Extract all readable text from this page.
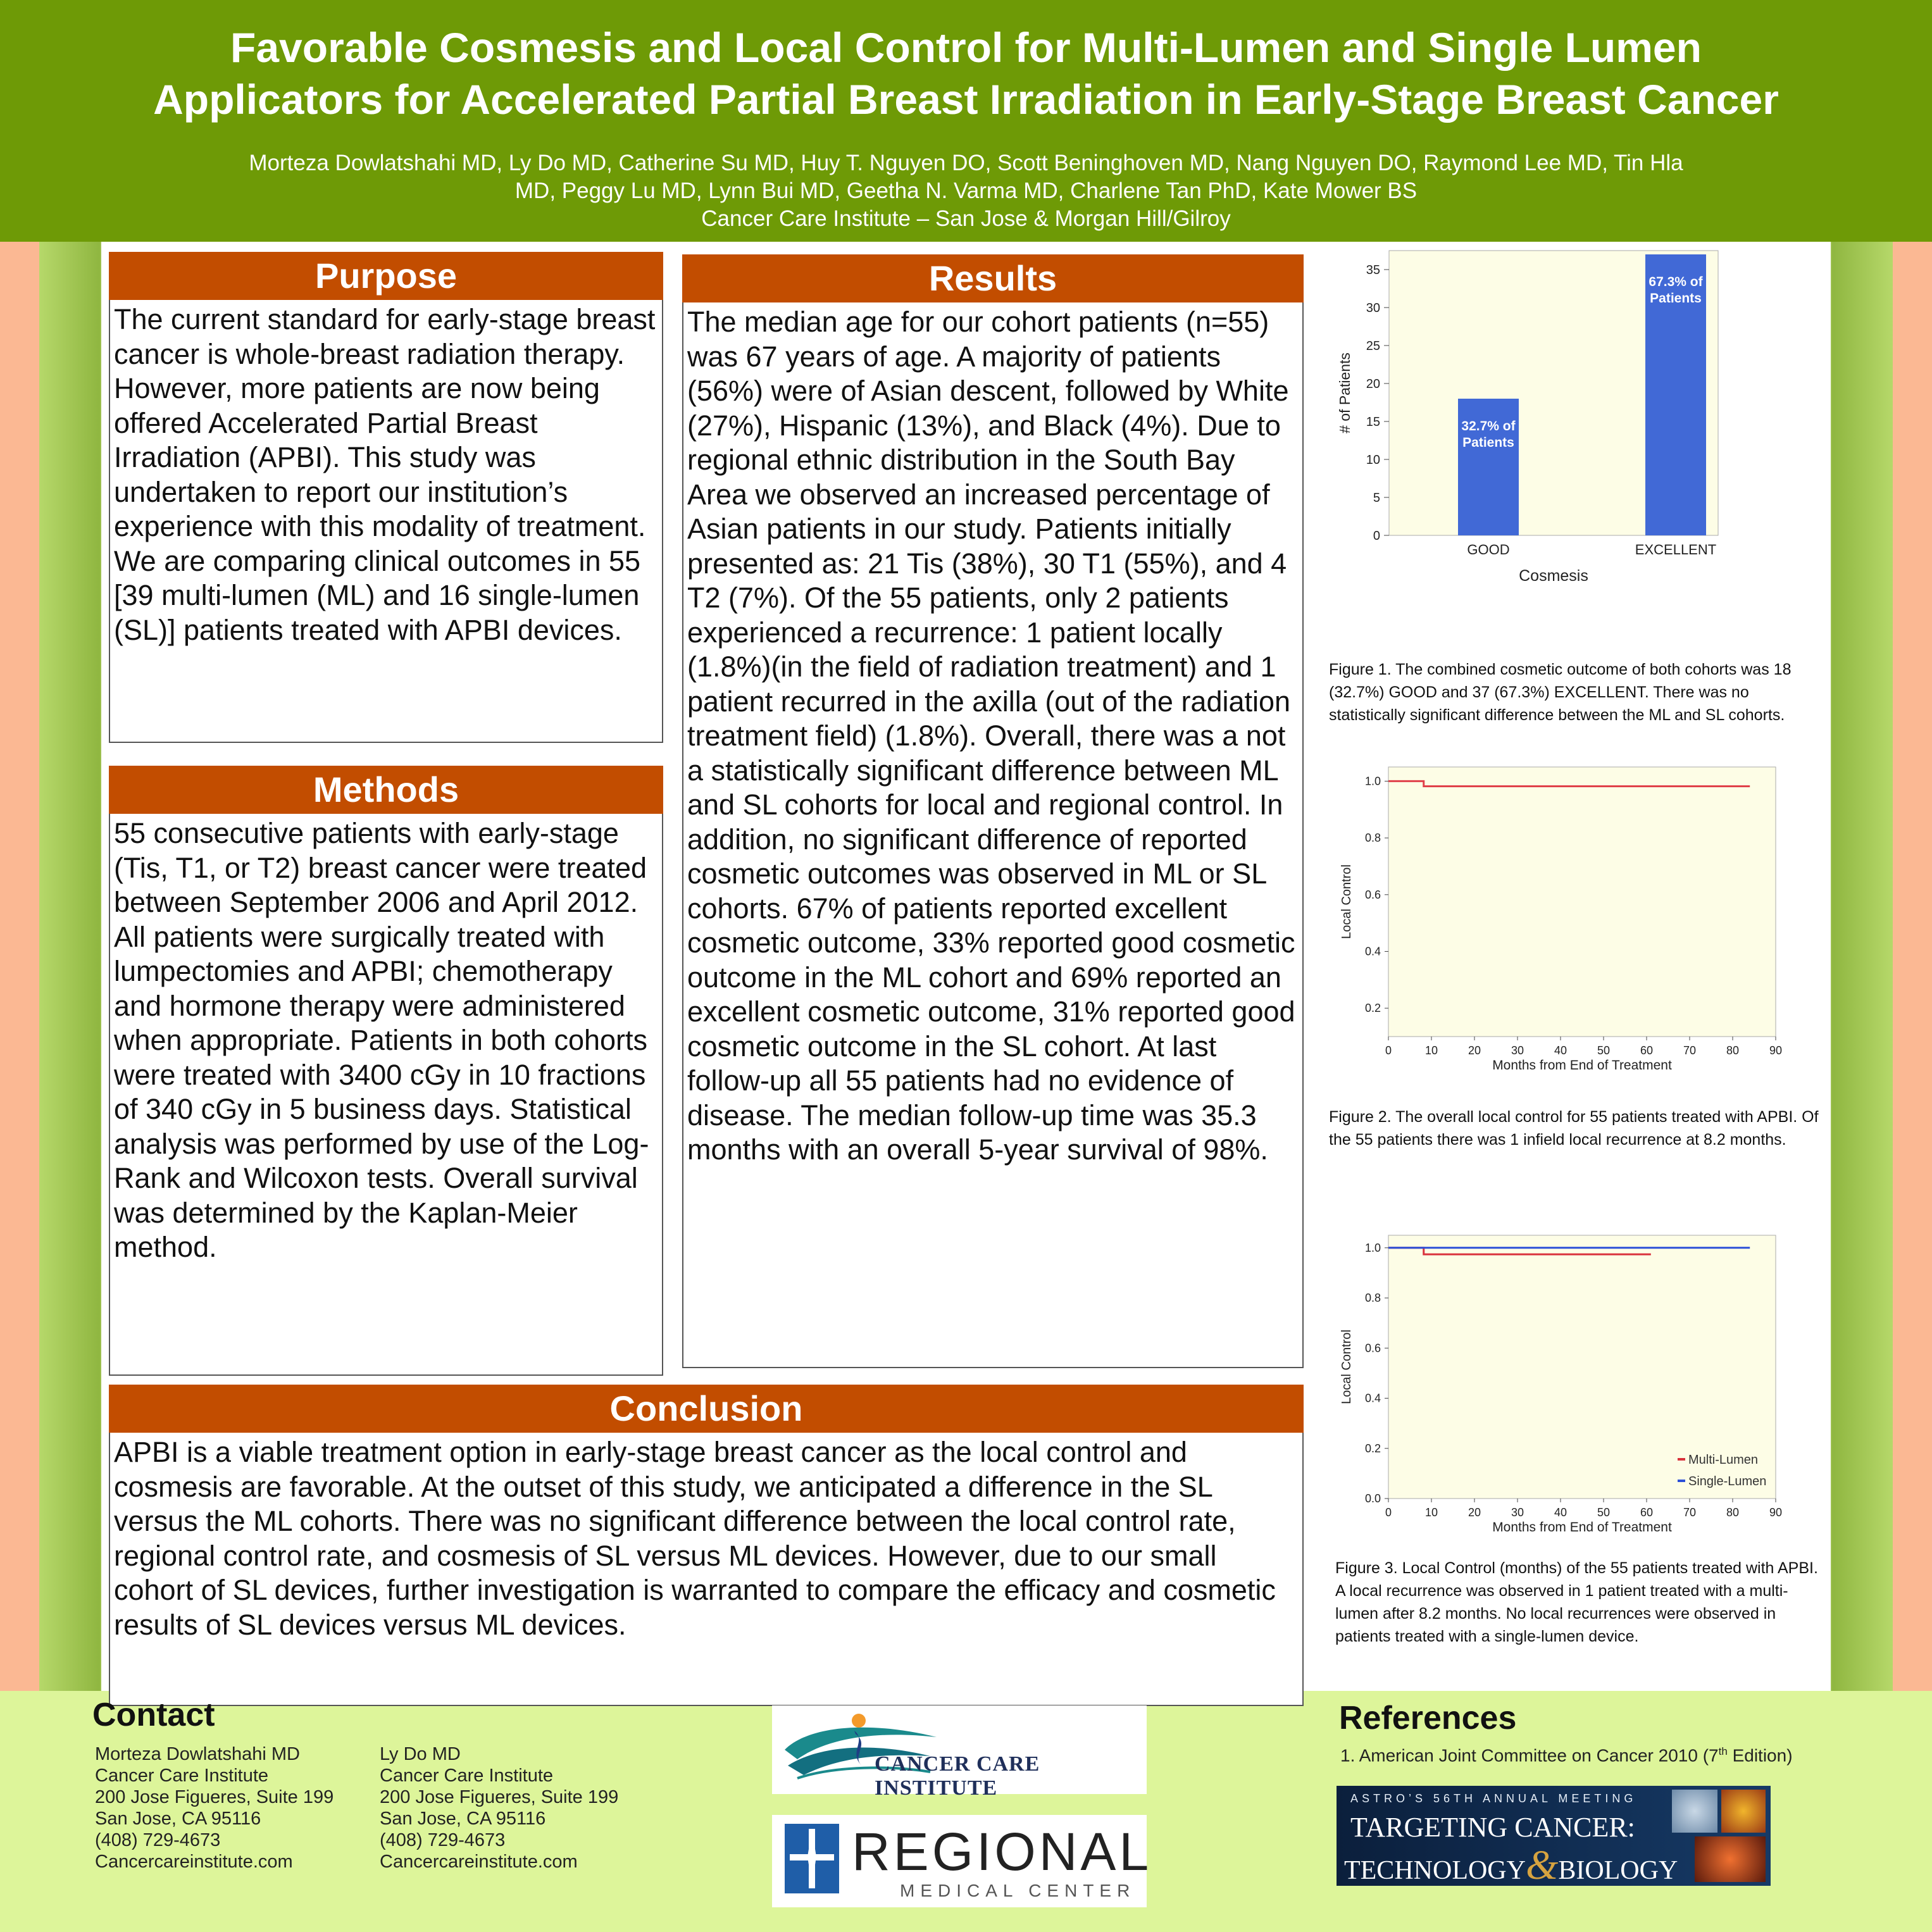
Favorable Cosmesis and Local Control for Multi-Lumen and Single Lumen
Applicators for Accelerated Partial Breast Irradiation in Early-Stage Breast Cancer
Morteza Dowlatshahi MD, Ly Do MD, Catherine Su MD, Huy T. Nguyen DO, Scott Beninghoven MD, Nang Nguyen DO, Raymond Lee MD, Tin Hla
MD, Peggy Lu MD, Lynn Bui MD, Geetha N. Varma MD, Charlene Tan PhD, Kate Mower BS
Cancer Care Institute – San Jose & Morgan Hill/Gilroy
Purpose
The current standard for early-stage breast cancer is whole-breast radiation therapy. However, more patients are now being offered Accelerated Partial Breast Irradiation (APBI). This study was undertaken to report our institution’s experience with this modality of treatment. We are comparing clinical outcomes in 55 [39 multi-lumen (ML) and 16 single-lumen (SL)] patients treated with APBI devices.
Methods
55 consecutive patients with early-stage (Tis, T1, or T2) breast cancer were treated between September 2006 and April 2012. All patients were surgically treated with lumpectomies and APBI; chemotherapy and hormone therapy were administered when appropriate. Patients in both cohorts were treated with 3400 cGy in 10 fractions of 340 cGy in 5 business days. Statistical analysis was performed by use of the Log-Rank and Wilcoxon tests. Overall survival was determined by the Kaplan-Meier method.
Results
The median age for our cohort patients (n=55) was 67 years of age. A majority of patients (56%) were of Asian descent, followed by White (27%), Hispanic (13%), and Black (4%). Due to regional ethnic distribution in the South Bay Area we observed an increased percentage of Asian patients in our study. Patients initially presented as: 21 Tis (38%), 30 T1 (55%), and 4 T2 (7%). Of the 55 patients, only 2 patients experienced a recurrence: 1 patient locally (1.8%)(in the field of radiation treatment) and 1 patient recurred in the axilla (out of the radiation treatment field) (1.8%). Overall, there was a not a statistically significant difference between ML and SL cohorts for local and regional control. In addition, no significant difference of reported cosmetic outcomes was observed in ML or SL cohorts. 67% of patients reported excellent cosmetic outcome, 33% reported good cosmetic outcome in the ML cohort and 69% reported an excellent cosmetic outcome, 31% reported good cosmetic outcome in the SL cohort. At last follow-up all 55 patients had no evidence of disease. The median follow-up time was 35.3 months with an overall 5-year survival of 98%.
Conclusion
APBI is a viable treatment option in early-stage breast cancer as the local control and cosmesis are favorable. At the outset of this study, we anticipated a difference in the SL versus the ML cohorts. There was no significant difference between the local control rate, regional control rate, and cosmesis of SL versus ML devices. However, due to our small cohort of SL devices, further investigation is warranted to compare the efficacy and cosmetic results of SL devices versus ML devices.
0
5
10
15
20
25
30
35
GOOD
32.7% of
Patients
EXCELLENT
67.3% of
Patients
Cosmesis
# of Patients
Figure 1. The combined cosmetic outcome of both cohorts was 18 (32.7%) GOOD and 37 (67.3%) EXCELLENT. There was no statistically significant difference between the ML and SL cohorts.
0.2
0.4
0.6
0.8
1.0
0	10	20	30	40	50	60	70	80	90
Months from End of Treatment
Local Control
Figure 2. The overall local control for 55 patients treated with APBI. Of the 55 patients there was 1 infield local recurrence at 8.2 months.
0.0
0.2
0.4
0.6
0.8
1.0
0	10	20	30	40	50	60	70	80	90
Months from End of Treatment
Local Control
Multi-Lumen
Single-Lumen
Figure 3. Local Control (months) of the 55 patients treated with APBI. A local recurrence was observed in 1 patient treated with a multi-lumen after 8.2 months. No local recurrences were observed in patients treated with a single-lumen device.
Contact
Morteza Dowlatshahi MD
Cancer Care Institute
200 Jose Figueres, Suite 199
San Jose, CA 95116
(408) 729-4673
Cancercareinstitute.com
Ly Do MD
Cancer Care Institute
200 Jose Figueres, Suite 199
San Jose, CA 95116
(408) 729-4673
Cancercareinstitute.com
CANCER CARE INSTITUTE
REGIONAL
MEDICAL CENTER
References
1. American Joint Committee on Cancer 2010 (7th Edition)
ASTRO’S 56TH ANNUAL MEETING
TARGETING CANCER:
TECHNOLOGY&BIOLOGY
